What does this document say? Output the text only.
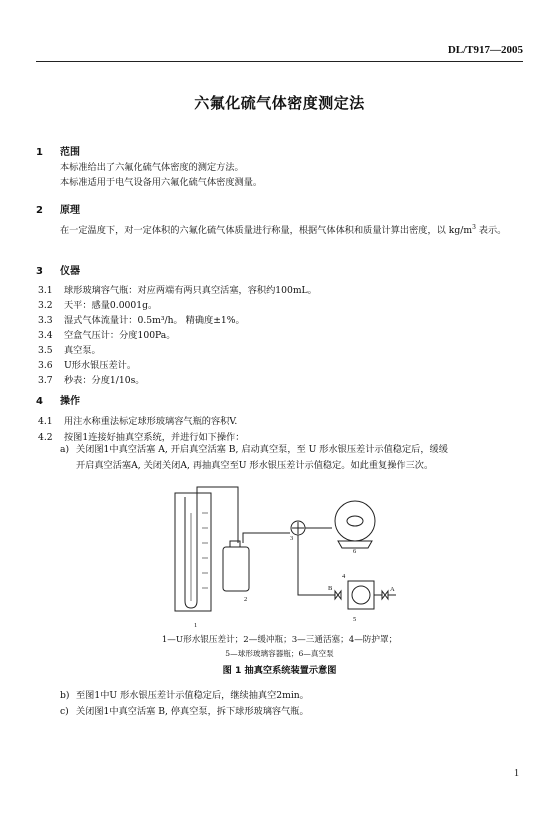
DL/T917—2005
六氟化硫气体密度测定法
1 范围
本标准给出了六氟化硫气体密度的测定方法。
本标准适用于电气设备用六氟化硫气体密度测量。
2 原理
在一定温度下，对一定体积的六氟化硫气体质量进行称量，根据气体体积和质量计算出密度，以 $kg/m^3$ 表示。
3 仪器
3.1 球形玻璃容气瓶：对应两端有两只真空活塞，容积约100mL。
3.2 天平：感量0.0001g。
3.3 湿式气体流量计：0.5m³/h。 精确度±1%。
3.4 空盒气压计：分度100Pa。
3.5 真空泵。
3.6 U形水银压差计。
3.7 秒表：分度1/10s。
4 操作
4.1 用注水称重法标定球形玻璃容气瓶的容积V.
4.2 按图1连接好抽真空系统，并进行如下操作：
a) 关闭图1中真空活塞 A, 开启真空活塞 B, 启动真空泵，至 U 形水银压差计示值稳定后，缓缓
开启真空活塞A, 关闭关闭A, 再抽真空至U 形水银压差计示值稳定。如此重复操作三次。
1
2
3
4
5
6
A
B
1—U形水银压差计；2—缓冲瓶；3—三通活塞；4—防护罩；
5—球形玻璃容器瓶；6—真空泵
图 1 抽真空系统装置示意图
b) 至图1中U 形水银压差计示值稳定后，继续抽真空2min。
c) 关闭图1中真空活塞 B, 停真空泵，拆下球形玻璃容气瓶。
1
